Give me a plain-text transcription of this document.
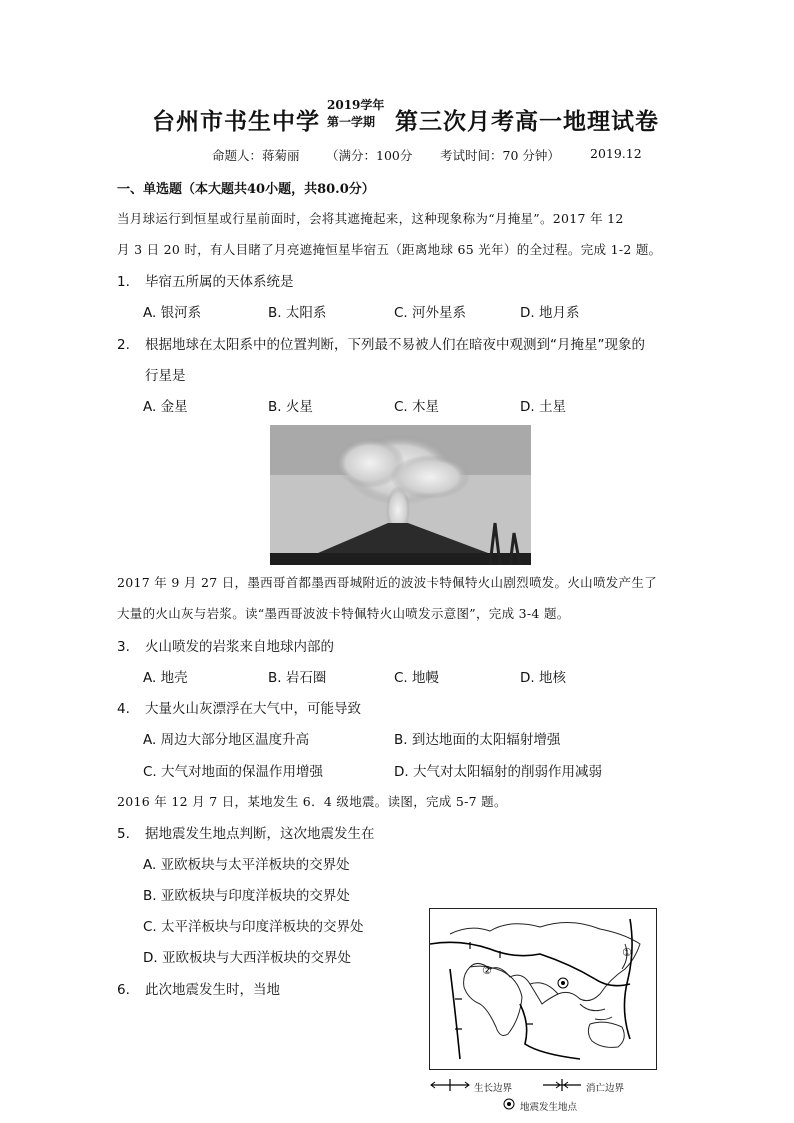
台州市书生中学
2019学年
第一学期 第三次月考高一地理试卷
命题人：蒋菊丽 （满分：100分 考试时间：70 分钟） 2019.12
一、单选题（本大题共40小题，共80.0分）
当月球运行到恒星或行星前面时，会将其遮掩起来，这种现象称为“月掩星”。2017 年 12
月 3 日 20 时，有人目睹了月亮遮掩恒星毕宿五（距离地球 65 光年）的全过程。完成 1-2 题。
1. 毕宿五所属的天体系统是
A. 银河系	B. 太阳系	C. 河外星系	D. 地月系
2. 根据地球在太阳系中的位置判断，下列最不易被人们在暗夜中观测到“月掩星”现象的
行星是
A. 金星	B. 火星	C. 木星	D. 土星
2017 年 9 月 27 日，墨西哥首都墨西哥城附近的波波卡特佩特火山剧烈喷发。火山喷发产生了
大量的火山灰与岩浆。读“墨西哥波波卡特佩特火山喷发示意图”，完成 3-4 题。
3. 火山喷发的岩浆来自地球内部的
A. 地壳	B. 岩石圈	C. 地幔	D. 地核
4. 大量火山灰漂浮在大气中，可能导致
A. 周边大部分地区温度升高	B. 到达地面的太阳辐射增强
C. 大气对地面的保温作用增强	D. 大气对太阳辐射的削弱作用减弱
2016 年 12 月 7 日，某地发生 6．4 级地震。读图，完成 5-7 题。
5. 据地震发生地点判断，这次地震发生在
A. 亚欧板块与太平洋板块的交界处
B. 亚欧板块与印度洋板块的交界处
C. 太平洋板块与印度洋板块的交界处
D. 亚欧板块与大西洋板块的交界处
6. 此次地震发生时，当地
①
②
生长边界	消亡边界
地震发生地点
